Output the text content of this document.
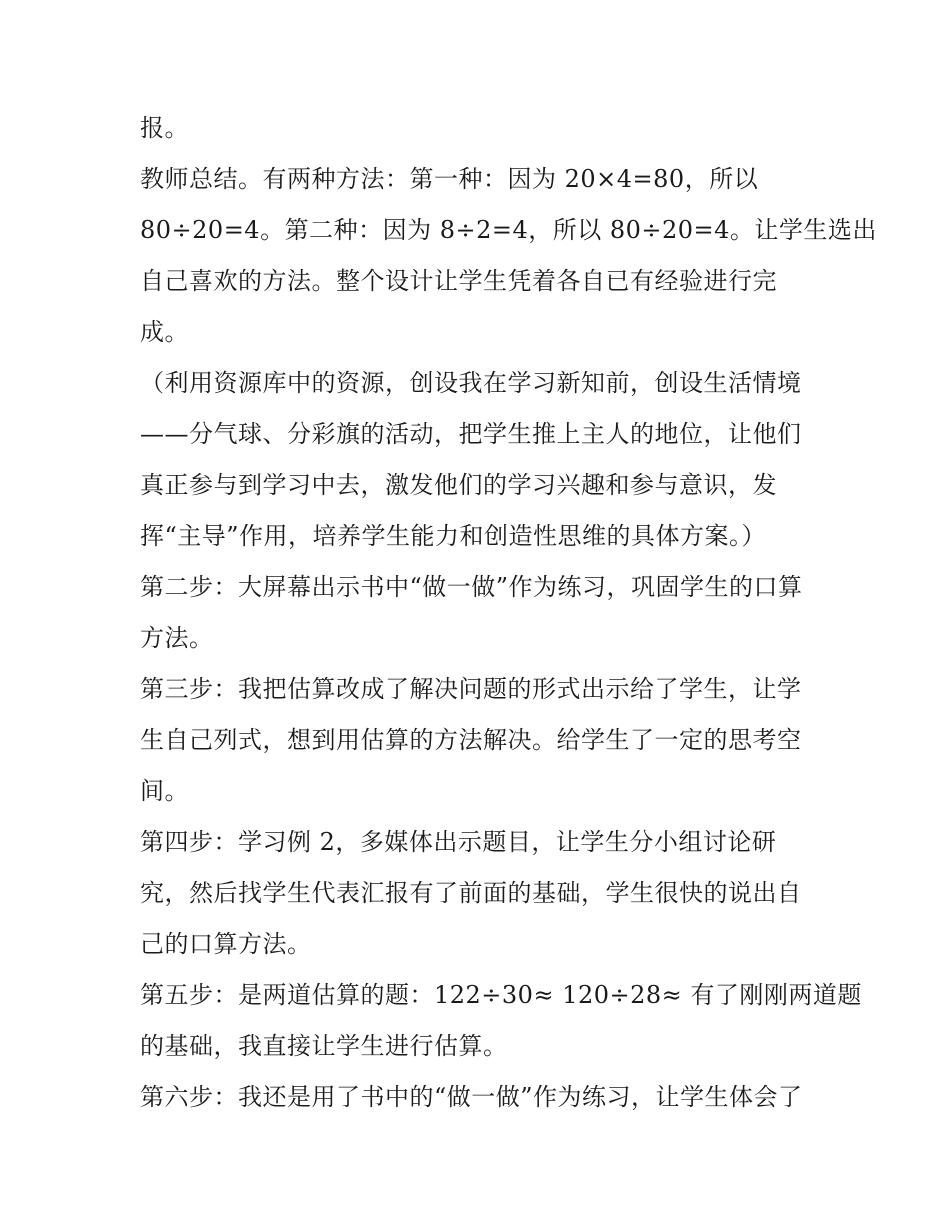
报。
教师总结。有两种方法：第一种：因为 20×4=80，所以
80÷20=4。第二种：因为 8÷2=4，所以 80÷20=4。让学生选出
自己喜欢的方法。整个设计让学生凭着各自已有经验进行完
成。
（利用资源库中的资源，创设我在学习新知前，创设生活情境
——分气球、分彩旗的活动，把学生推上主人的地位，让他们
真正参与到学习中去，激发他们的学习兴趣和参与意识，发
挥“主导”作用，培养学生能力和创造性思维的具体方案。）
第二步：大屏幕出示书中“做一做”作为练习，巩固学生的口算
方法。
第三步：我把估算改成了解决问题的形式出示给了学生，让学
生自己列式，想到用估算的方法解决。给学生了一定的思考空
间。
第四步：学习例 2，多媒体出示题目，让学生分小组讨论研
究，然后找学生代表汇报有了前面的基础，学生很快的说出自
己的口算方法。
第五步：是两道估算的题：122÷30≈ 120÷28≈ 有了刚刚两道题
的基础，我直接让学生进行估算。
第六步：我还是用了书中的“做一做”作为练习，让学生体会了
